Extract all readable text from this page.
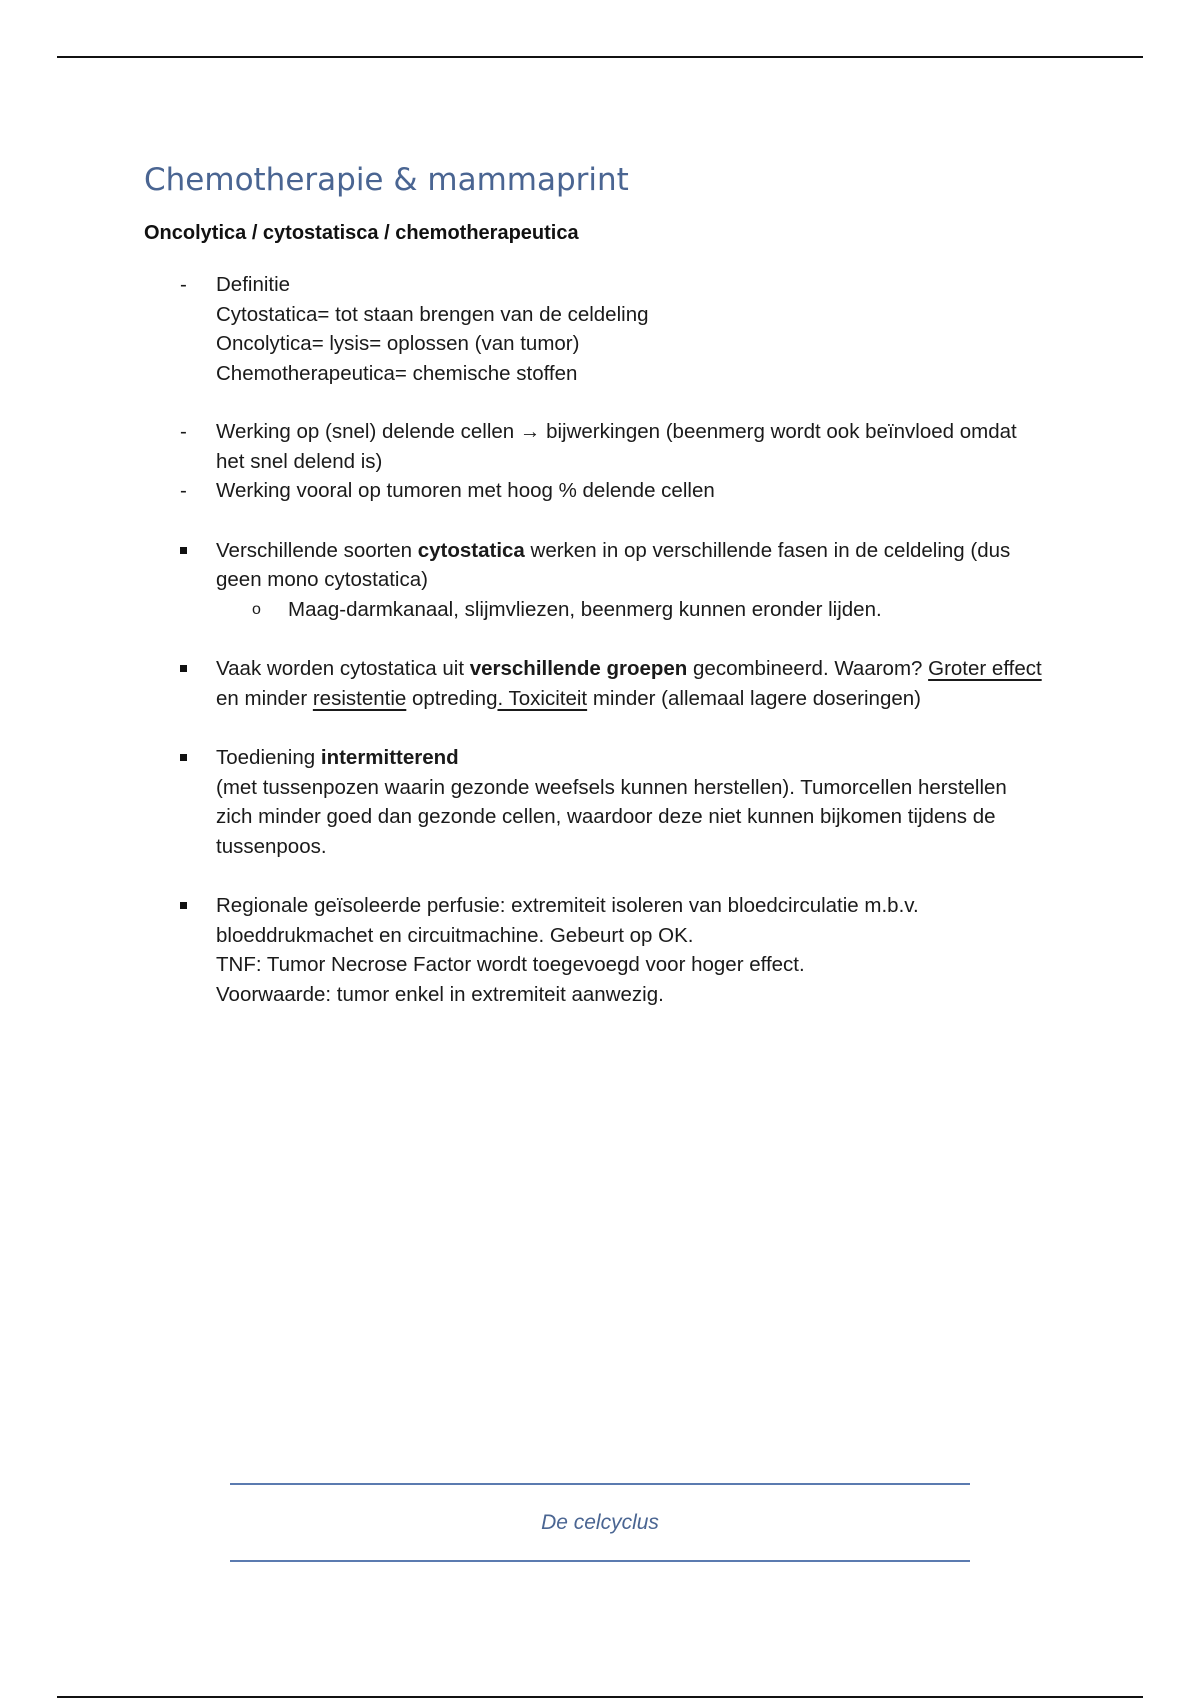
Chemotherapie & mammaprint
Oncolytica / cytostatisca / chemotherapeutica
-	Definitie
Cytostatica= tot staan brengen van de celdeling
Oncolytica= lysis= oplossen (van tumor)
Chemotherapeutica= chemische stoffen
-	Werking op (snel) delende cellen → bijwerkingen (beenmerg wordt ook beïnvloed omdat het snel delend is)
-	Werking vooral op tumoren met hoog % delende cellen
Verschillende soorten cytostatica werken in op verschillende fasen in de celdeling (dus geen mono cytostatica)
o Maag-darmkanaal, slijmvliezen, beenmerg kunnen eronder lijden.
Vaak worden cytostatica uit verschillende groepen gecombineerd. Waarom? Groter effect en minder resistentie optreding. Toxiciteit minder (allemaal lagere doseringen)
Toediening intermitterend
(met tussenpozen waarin gezonde weefsels kunnen herstellen). Tumorcellen herstellen zich minder goed dan gezonde cellen, waardoor deze niet kunnen bijkomen tijdens de tussenpoos.
Regionale geïsoleerde perfusie: extremiteit isoleren van bloedcirculatie m.b.v. bloeddrukmachet en circuitmachine. Gebeurt op OK.
TNF: Tumor Necrose Factor wordt toegevoegd voor hoger effect.
Voorwaarde: tumor enkel in extremiteit aanwezig.
De celcyclus
